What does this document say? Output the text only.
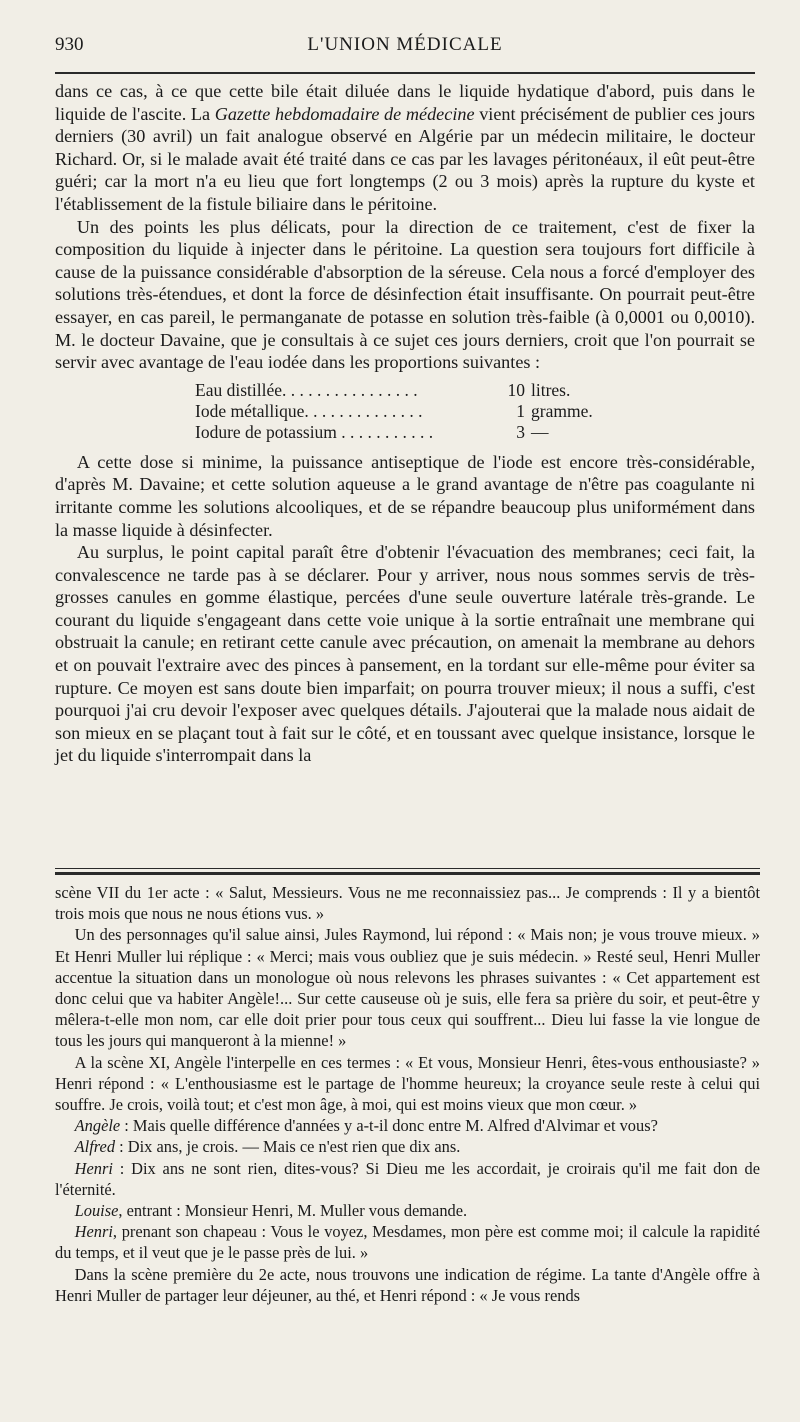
930	L'UNION MÉDICALE

dans ce cas, à ce que cette bile était diluée dans le liquide hydatique d'abord, puis dans le liquide de l'ascite. La Gazette hebdomadaire de médecine vient précisément de publier ces jours derniers (30 avril) un fait analogue observé en Algérie par un médecin militaire, le docteur Richard. Or, si le malade avait été traité dans ce cas par les lavages péritonéaux, il eût peut-être guéri; car la mort n'a eu lieu que fort longtemps (2 ou 3 mois) après la rupture du kyste et l'établissement de la fistule biliaire dans le péritoine.

Un des points les plus délicats, pour la direction de ce traitement, c'est de fixer la composition du liquide à injecter dans le péritoine. La question sera toujours fort difficile à cause de la puissance considérable d'absorption de la séreuse. Cela nous a forcé d'employer des solutions très-étendues, et dont la force de désinfection était insuffisante. On pourrait peut-être essayer, en cas pareil, le permanganate de potasse en solution très-faible (à 0,0001 ou 0,0010). M. le docteur Davaine, que je consultais à ce sujet ces jours derniers, croit que l'on pourrait se servir avec avantage de l'eau iodée dans les proportions suivantes :

Eau distillée. . . . . . . . . . . . . . . .	10 litres.
Iode métallique. . . . . . . . . . . . . .	1 gramme.
Iodure de potassium . . . . . . . . . . .	3 —

A cette dose si minime, la puissance antiseptique de l'iode est encore très-considérable, d'après M. Davaine; et cette solution aqueuse a le grand avantage de n'être pas coagulante ni irritante comme les solutions alcooliques, et de se répandre beaucoup plus uniformément dans la masse liquide à désinfecter.

Au surplus, le point capital paraît être d'obtenir l'évacuation des membranes; ceci fait, la convalescence ne tarde pas à se déclarer. Pour y arriver, nous nous sommes servis de très-grosses canules en gomme élastique, percées d'une seule ouverture latérale très-grande. Le courant du liquide s'engageant dans cette voie unique à la sortie entraînait une membrane qui obstruait la canule; en retirant cette canule avec précaution, on amenait la membrane au dehors et on pouvait l'extraire avec des pinces à pansement, en la tordant sur elle-même pour éviter sa rupture. Ce moyen est sans doute bien imparfait; on pourra trouver mieux; il nous a suffi, c'est pourquoi j'ai cru devoir l'exposer avec quelques détails. J'ajouterai que la malade nous aidait de son mieux en se plaçant tout à fait sur le côté, et en toussant avec quelque insistance, lorsque le jet du liquide s'interrompait dans la

scène VII du 1er acte : « Salut, Messieurs. Vous ne me reconnaissiez pas... Je comprends : Il y a bientôt trois mois que nous ne nous étions vus. »

Un des personnages qu'il salue ainsi, Jules Raymond, lui répond : « Mais non; je vous trouve mieux. » Et Henri Muller lui réplique : « Merci; mais vous oubliez que je suis médecin. » Resté seul, Henri Muller accentue la situation dans un monologue où nous relevons les phrases suivantes : « Cet appartement est donc celui que va habiter Angèle!... Sur cette causeuse où je suis, elle fera sa prière du soir, et peut-être y mêlera-t-elle mon nom, car elle doit prier pour tous ceux qui souffrent... Dieu lui fasse la vie longue de tous les jours qui manqueront à la mienne! »

A la scène XI, Angèle l'interpelle en ces termes : « Et vous, Monsieur Henri, êtes-vous enthousiaste? » Henri répond : « L'enthousiasme est le partage de l'homme heureux; la croyance seule reste à celui qui souffre. Je crois, voilà tout; et c'est mon âge, à moi, qui est moins vieux que mon cœur. »

Angèle : Mais quelle différence d'années y a-t-il donc entre M. Alfred d'Alvimar et vous?

Alfred : Dix ans, je crois. — Mais ce n'est rien que dix ans.

Henri : Dix ans ne sont rien, dites-vous? Si Dieu me les accordait, je croirais qu'il me fait don de l'éternité.

Louise, entrant : Monsieur Henri, M. Muller vous demande.

Henri, prenant son chapeau : Vous le voyez, Mesdames, mon père est comme moi; il calcule la rapidité du temps, et il veut que je le passe près de lui. »

Dans la scène première du 2e acte, nous trouvons une indication de régime. La tante d'Angèle offre à Henri Muller de partager leur déjeuner, au thé, et Henri répond : « Je vous rends
